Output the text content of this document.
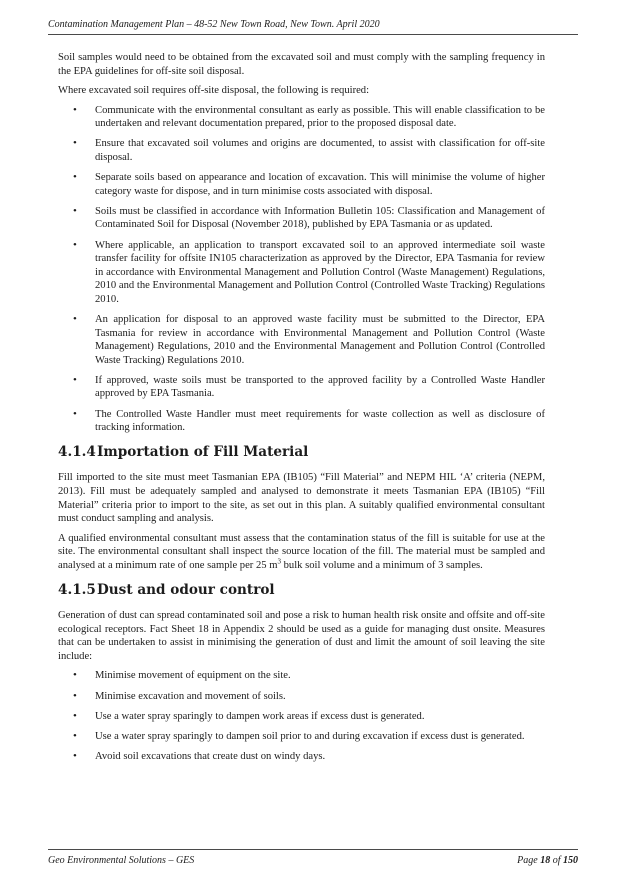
Contamination Management Plan – 48-52 New Town Road, New Town. April 2020

Soil samples would need to be obtained from the excavated soil and must comply with the sampling frequency in the EPA guidelines for off-site soil disposal.

Where excavated soil requires off-site disposal, the following is required:

• Communicate with the environmental consultant as early as possible. This will enable classification to be undertaken and relevant documentation prepared, prior to the proposed disposal date.
• Ensure that excavated soil volumes and origins are documented, to assist with classification for off-site disposal.
• Separate soils based on appearance and location of excavation. This will minimise the volume of higher category waste for dispose, and in turn minimise costs associated with disposal.
• Soils must be classified in accordance with Information Bulletin 105: Classification and Management of Contaminated Soil for Disposal (November 2018), published by EPA Tasmania or as updated.
• Where applicable, an application to transport excavated soil to an approved intermediate soil waste transfer facility for offsite IN105 characterization as approved by the Director, EPA Tasmania for review in accordance with Environmental Management and Pollution Control (Waste Management) Regulations, 2010 and the Environmental Management and Pollution Control (Controlled Waste Tracking) Regulations 2010.
• An application for disposal to an approved waste facility must be submitted to the Director, EPA Tasmania for review in accordance with Environmental Management and Pollution Control (Waste Management) Regulations, 2010 and the Environmental Management and Pollution Control (Controlled Waste Tracking) Regulations 2010.
• If approved, waste soils must be transported to the approved facility by a Controlled Waste Handler approved by EPA Tasmania.
• The Controlled Waste Handler must meet requirements for waste collection as well as disclosure of tracking information.
4.1.4Importation of Fill Material

Fill imported to the site must meet Tasmanian EPA (IB105) “Fill Material” and NEPM HIL ‘A’ criteria (NEPM, 2013). Fill must be adequately sampled and analysed to demonstrate it meets Tasmanian EPA (IB105) “Fill Material” criteria prior to import to the site, as set out in this plan. A suitably qualified environmental consultant must conduct sampling and analysis.

A qualified environmental consultant must assess that the contamination status of the fill is suitable for use at the site. The environmental consultant shall inspect the source location of the fill. The material must be sampled and analysed at a minimum rate of one sample per 25 $m^3$ bulk soil volume and a minimum of 3 samples.

4.1.5Dust and odour control

Generation of dust can spread contaminated soil and pose a risk to human health risk onsite and offsite and off-site ecological receptors. Fact Sheet 18 in Appendix 2 should be used as a guide for managing dust onsite. Measures that can be undertaken to assist in minimising the generation of dust and limit the amount of soil leaving the site include:

• Minimise movement of equipment on the site.
• Minimise excavation and movement of soils.
• Use a water spray sparingly to dampen work areas if excess dust is generated.
• Use a water spray sparingly to dampen soil prior to and during excavation if excess dust is generated.
• Avoid soil excavations that create dust on windy days.
Geo Environmental Solutions – GES	Page 18 of 150
